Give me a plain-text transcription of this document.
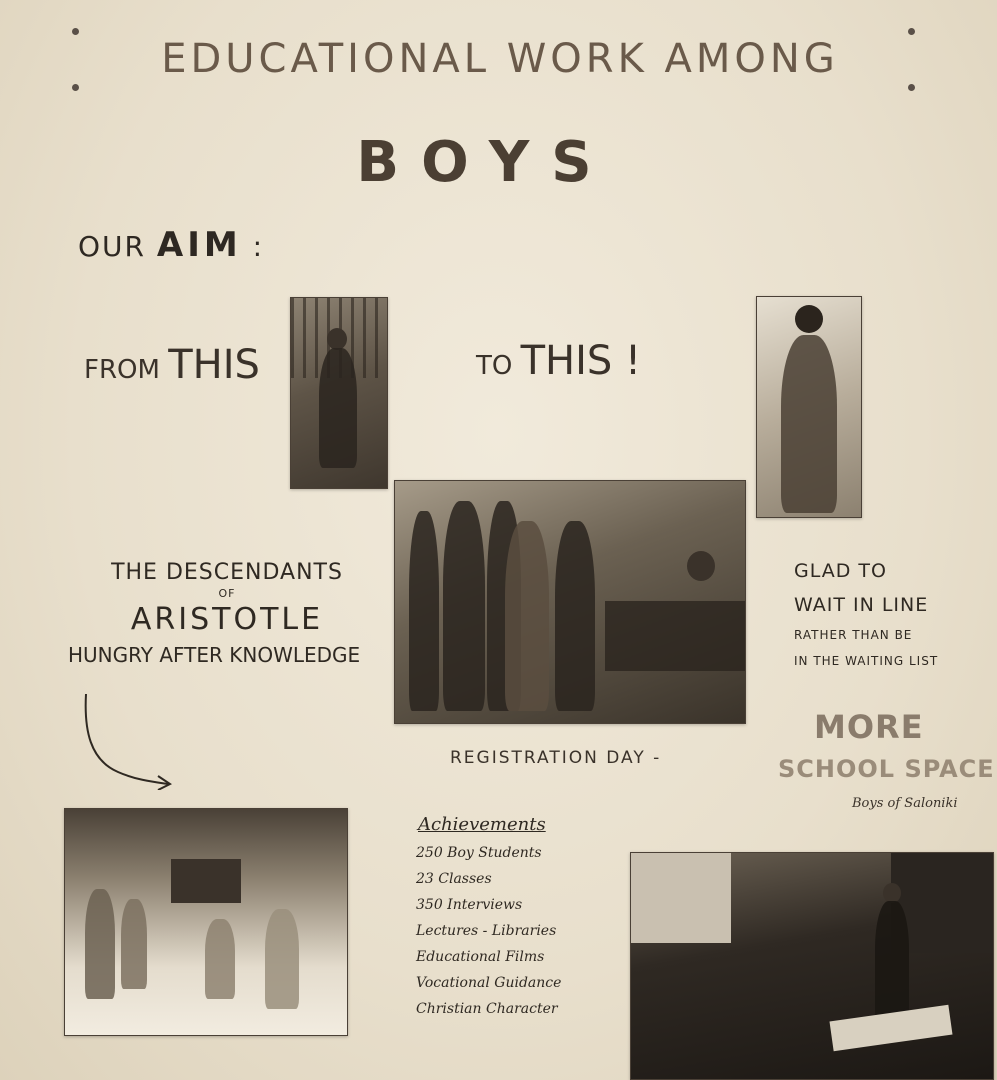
EDUCATIONAL WORK AMONG
BOYS
OUR AIM :
FROM THIS	TO THIS !
THE DESCENDANTS
OF
ARISTOTLE
HUNGRY AFTER KNOWLEDGE
REGISTRATION DAY -
GLAD TO
WAIT IN LINE
RATHER THAN BE
IN THE WAITING LIST
MORE
SCHOOL SPACE
Boys of Saloniki
Achievements
250 Boy Students
23 Classes
350 Interviews
Lectures - Libraries
Educational Films
Vocational Guidance
Christian Character
